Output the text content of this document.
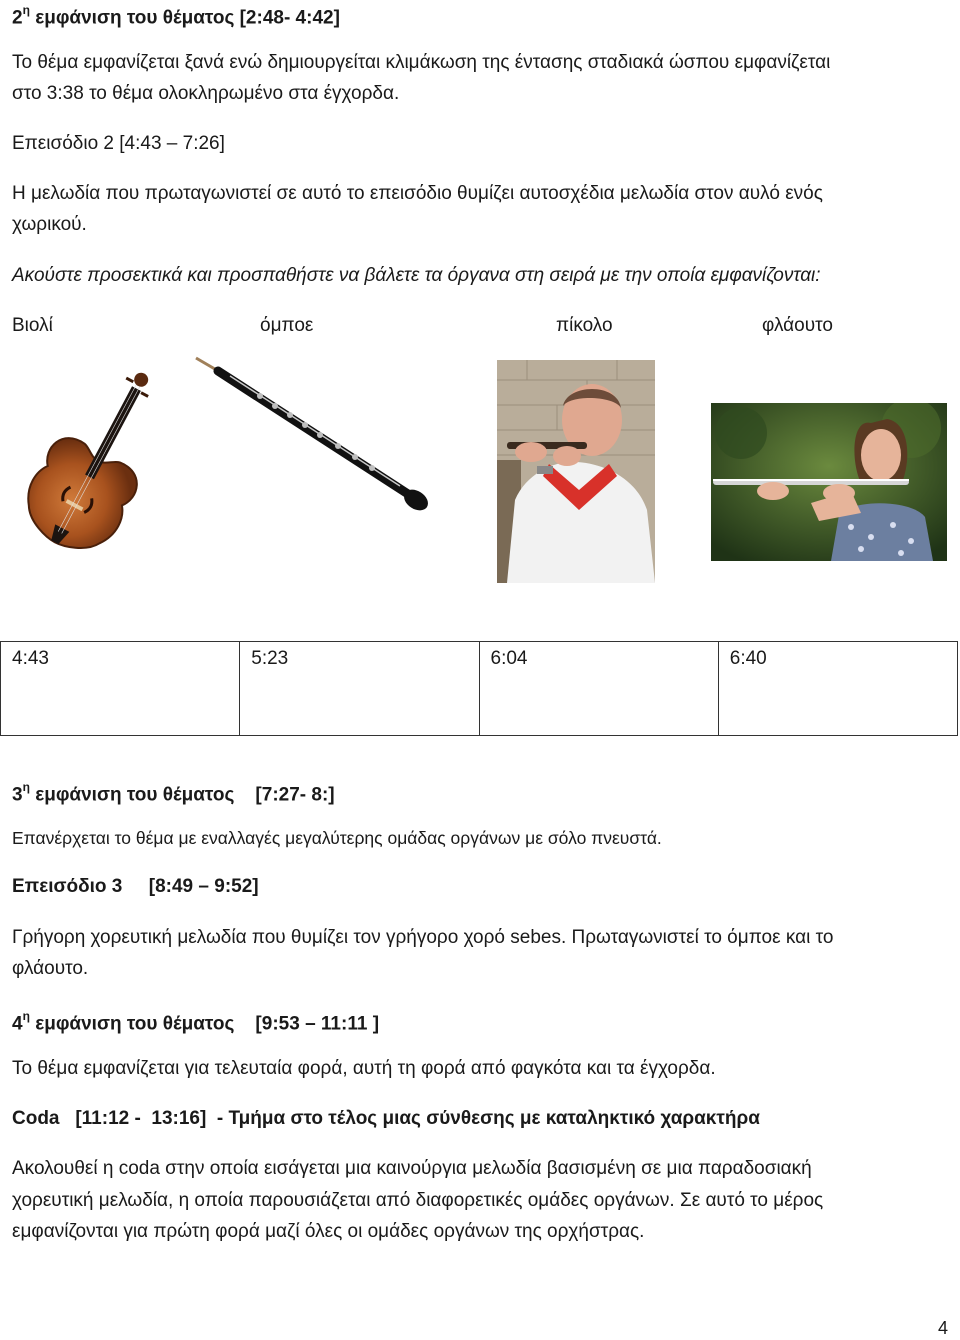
$2^\eta$ εμφάνιση του θέματος [2:48- 4:42]
Το θέμα εμφανίζεται ξανά ενώ δημιουργείται κλιμάκωση της έντασης σταδιακά ώσπου εμφανίζεται
στο 3:38 το θέμα ολοκληρωμένο στα έγχορδα.
Επεισόδιο 2 [4:43 – 7:26]
Η μελωδία που πρωταγωνιστεί σε αυτό το επεισόδιο θυμίζει αυτοσχέδια μελωδία στον αυλό ενός
χωρικού.
Ακούστε προσεκτικά και προσπαθήστε να βάλετε τα όργανα στη σειρά με την οποία εμφανίζονται:
Βιολί	όμποε	πίκολο	φλάουτο
4:43	5:23	6:04	6:40
$3^\eta$ εμφάνιση του θέματος    [7:27- 8:]
Επανέρχεται το θέμα με εναλλαγές μεγαλύτερης ομάδας οργάνων με σόλο πνευστά.
Επεισόδιο 3     [8:49 – 9:52]
Γρήγορη χορευτική μελωδία που θυμίζει τον γρήγορο χορό sebes. Πρωταγωνιστεί το όμποε και το
φλάουτο.
$4^\eta$ εμφάνιση του θέματος    [9:53 – 11:11 ]
Το θέμα εμφανίζεται για τελευταία φορά, αυτή τη φορά από φαγκότα και τα έγχορδα.
Coda   [11:12 -  13:16]  - Τμήμα στο τέλος μιας σύνθεσης με καταληκτικό χαρακτήρα
Ακολουθεί η coda στην οποία εισάγεται μια καινούργια μελωδία βασισμένη σε μια παραδοσιακή
χορευτική μελωδία, η οποία παρουσιάζεται από διαφορετικές ομάδες οργάνων. Σε αυτό το μέρος
εμφανίζονται για πρώτη φορά μαζί όλες οι ομάδες οργάνων της ορχήστρας.
4
